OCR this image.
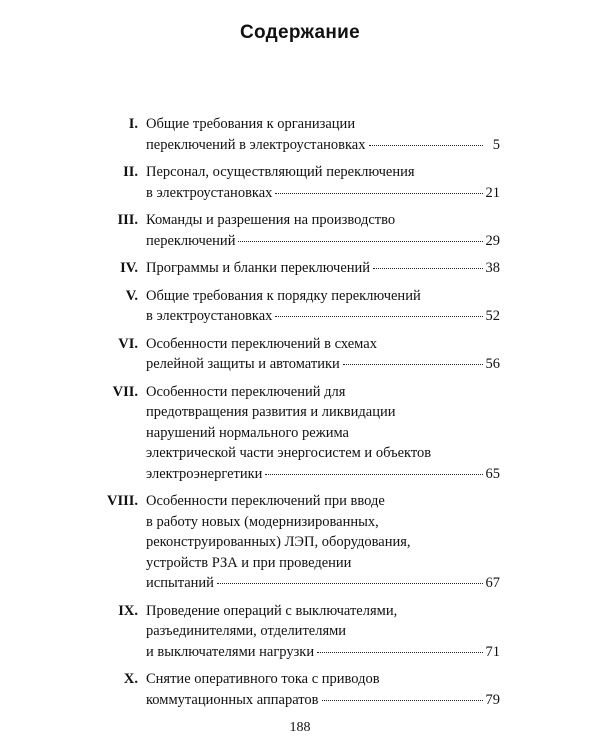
Содержание
I. Общие требования к организации
переключений в электроустановках	5
II. Персонал, осуществляющий переключения
в электроустановках	21
III. Команды и разрешения на производство
переключений	29
IV. Программы и бланки переключений	38
V. Общие требования к порядку переключений
в электроустановках	52
VI. Особенности переключений в схемах
релейной защиты и автоматики	56
VII. Особенности переключений для
предотвращения развития и ликвидации
нарушений нормального режима
электрической части энергосистем и объектов
электроэнергетики	65
VIII. Особенности переключений при вводе
в работу новых (модернизированных,
реконструированных) ЛЭП, оборудования,
устройств РЗА и при проведении
испытаний	67
IX. Проведение операций с выключателями,
разъединителями, отделителями
и выключателями нагрузки	71
X. Снятие оперативного тока с приводов
коммутационных аппаратов	79
188
